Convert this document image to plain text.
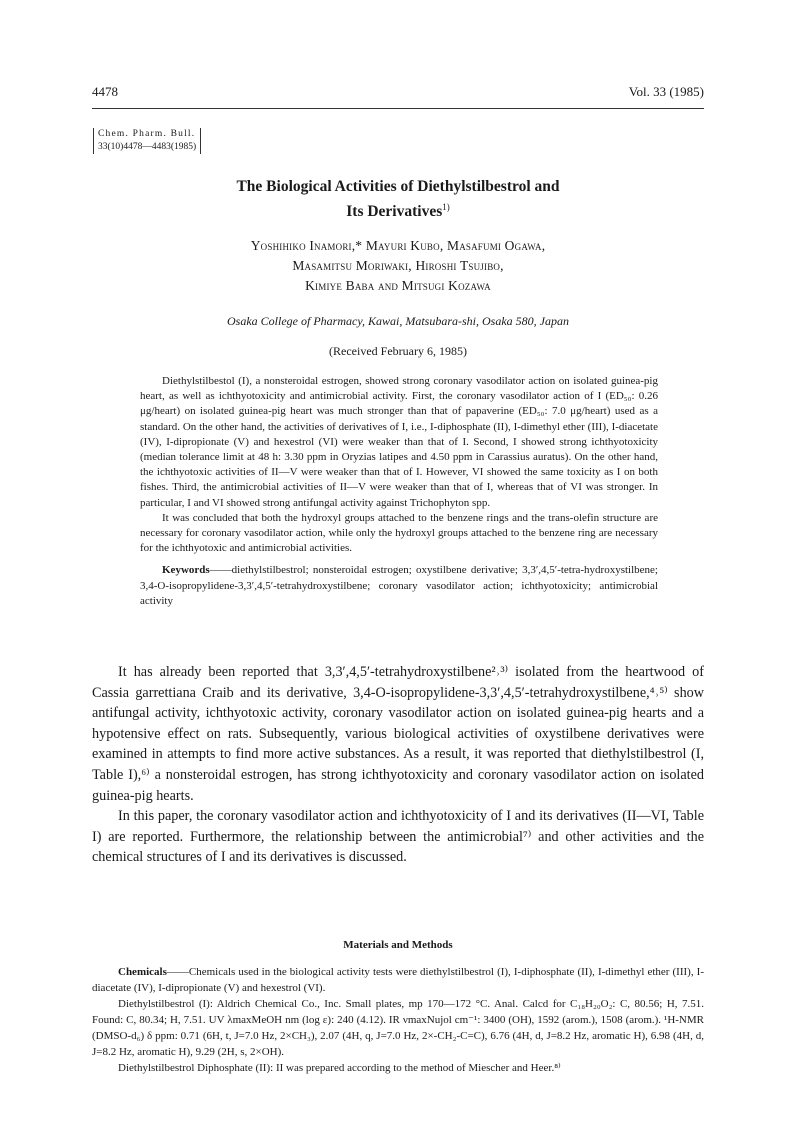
4478	Vol. 33 (1985)
Chem. Pharm. Bull.
33(10)4478—4483(1985)
The Biological Activities of Diethylstilbestrol and
Its Derivatives$^{1)}$
Yoshihiko Inamori,* Mayuri Kubo, Masafumi Ogawa,
Masamitsu Moriwaki, Hiroshi Tsujibo,
Kimiye Baba and Mitsugi Kozawa
Osaka College of Pharmacy, Kawai, Matsubara-shi, Osaka 580, Japan
(Received February 6, 1985)

Diethylstilbestol (I), a nonsteroidal estrogen, showed strong coronary vasodilator action on isolated guinea-pig heart, as well as ichthyotoxicity and antimicrobial activity. First, the coronary vasodilator action of I (ED₅₀: 0.26 μg/heart) on isolated guinea-pig heart was much stronger than that of papaverine (ED₅₀: 7.0 μg/heart) used as a standard. On the other hand, the activities of derivatives of I, i.e., I-diphosphate (II), I-dimethyl ether (III), I-diacetate (IV), I-dipropionate (V) and hexestrol (VI) were weaker than that of I. Second, I showed strong ichthyotoxicity (median tolerance limit at 48 h: 3.30 ppm in Oryzias latipes and 4.50 ppm in Carassius auratus). On the other hand, the ichthyotoxic activities of II—V were weaker than that of I. However, VI showed the same toxicity as I on both fishes. Third, the antimicrobial activities of II—V were weaker than that of I, whereas that of VI was stronger. In particular, I and VI showed strong antifungal activity against Trichophyton spp.

It was concluded that both the hydroxyl groups attached to the benzene rings and the trans-olefin structure are necessary for coronary vasodilator action, while only the hydroxyl groups attached to the benzene ring are necessary for the ichthyotoxic and antimicrobial activities.

Keywords——diethylstilbestrol; nonsteroidal estrogen; oxystilbene derivative; 3,3′,4,5′-tetra-hydroxystilbene; 3,4-O-isopropylidene-3,3′,4,5′-tetrahydroxystilbene; coronary vasodilator action; ichthyotoxicity; antimicrobial activity

It has already been reported that 3,3′,4,5′-tetrahydroxystilbene²˒³⁾ isolated from the heartwood of Cassia garrettiana Craib and its derivative, 3,4-O-isopropylidene-3,3′,4,5′-tetrahydroxystilbene,⁴˒⁵⁾ show antifungal activity, ichthyotoxic activity, coronary vasodilator action on isolated guinea-pig hearts and a hypotensive effect on rats. Subsequently, various biological activities of oxystilbene derivatives were examined in attempts to find more active substances. As a result, it was reported that diethylstilbestrol (I, Table I),⁶⁾ a nonsteroidal estrogen, has strong ichthyotoxicity and coronary vasodilator action on isolated guinea-pig hearts.

In this paper, the coronary vasodilator action and ichthyotoxicity of I and its derivatives (II—VI, Table I) are reported. Furthermore, the relationship between the antimicrobial⁷⁾ and other activities and the chemical structures of I and its derivatives is discussed.

Materials and Methods

Chemicals——Chemicals used in the biological activity tests were diethylstilbestrol (I), I-diphosphate (II), I-dimethyl ether (III), I-diacetate (IV), I-dipropionate (V) and hexestrol (VI).

Diethylstilbestrol (I): Aldrich Chemical Co., Inc. Small plates, mp 170—172 °C. Anal. Calcd for C₁₈H₂₀O₂: C, 80.56; H, 7.51. Found: C, 80.34; H, 7.51. UV λmaxMeOH nm (log ε): 240 (4.12). IR νmaxNujol cm⁻¹: 3400 (OH), 1592 (arom.), 1508 (arom.). ¹H-NMR (DMSO-d₆) δ ppm: 0.71 (6H, t, J=7.0 Hz, 2×CH₃), 2.07 (4H, q, J=7.0 Hz, 2×-CH₂-C=C), 6.76 (4H, d, J=8.2 Hz, aromatic H), 6.98 (4H, d, J=8.2 Hz, aromatic H), 9.29 (2H, s, 2×OH).

Diethylstilbestrol Diphosphate (II): II was prepared according to the method of Miescher and Heer.⁸⁾
